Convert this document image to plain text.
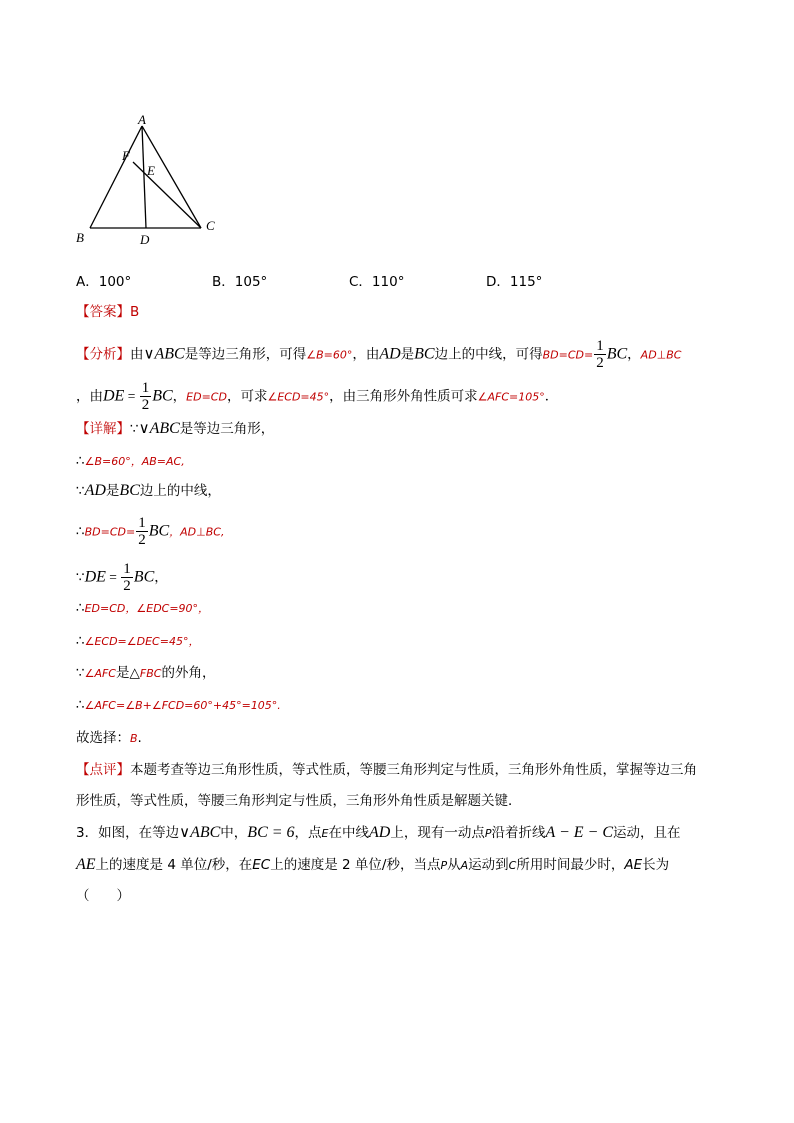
A
B
C
D
E
F
A．100°	B．105°	C．110°	D．115°
【答案】B
【分析】由∨ABC是等边三角形，可得∠B=60°，由AD是BC边上的中线，可得$BD=CD= \frac{1}{2}$ BC，AD⊥BC
，由DE = $\frac{1}{2}$ BC，ED=CD，可求∠ECD=45°，由三角形外角性质可求∠AFC=105°．
【详解】∵∨ABC是等边三角形，
∴∠B=60°，AB=AC,
∵AD是BC边上的中线，
∴BD=CD= $\frac{1}{2}$ BC，AD⊥BC,
∵DE = $\frac{1}{2}$ BC，
∴ED=CD，∠EDC=90°，
∴∠ECD=∠DEC=45°，
∵∠AFC是△FBC的外角，
∴∠AFC=∠B+∠FCD=60°+45°=105°.
故选择：B.
【点评】本题考查等边三角形性质，等式性质，等腰三角形判定与性质，三角形外角性质，掌握等边三角
形性质，等式性质，等腰三角形判定与性质，三角形外角性质是解题关键．
3．如图，在等边∨ABC中，BC = 6，点E在中线AD上，现有一动点P沿着折线A − E − C运动，且在
AE上的速度是 4 单位/秒，在EC上的速度是 2 单位/秒，当点P从A运动到C所用时间最少时，AE长为
（　　）
